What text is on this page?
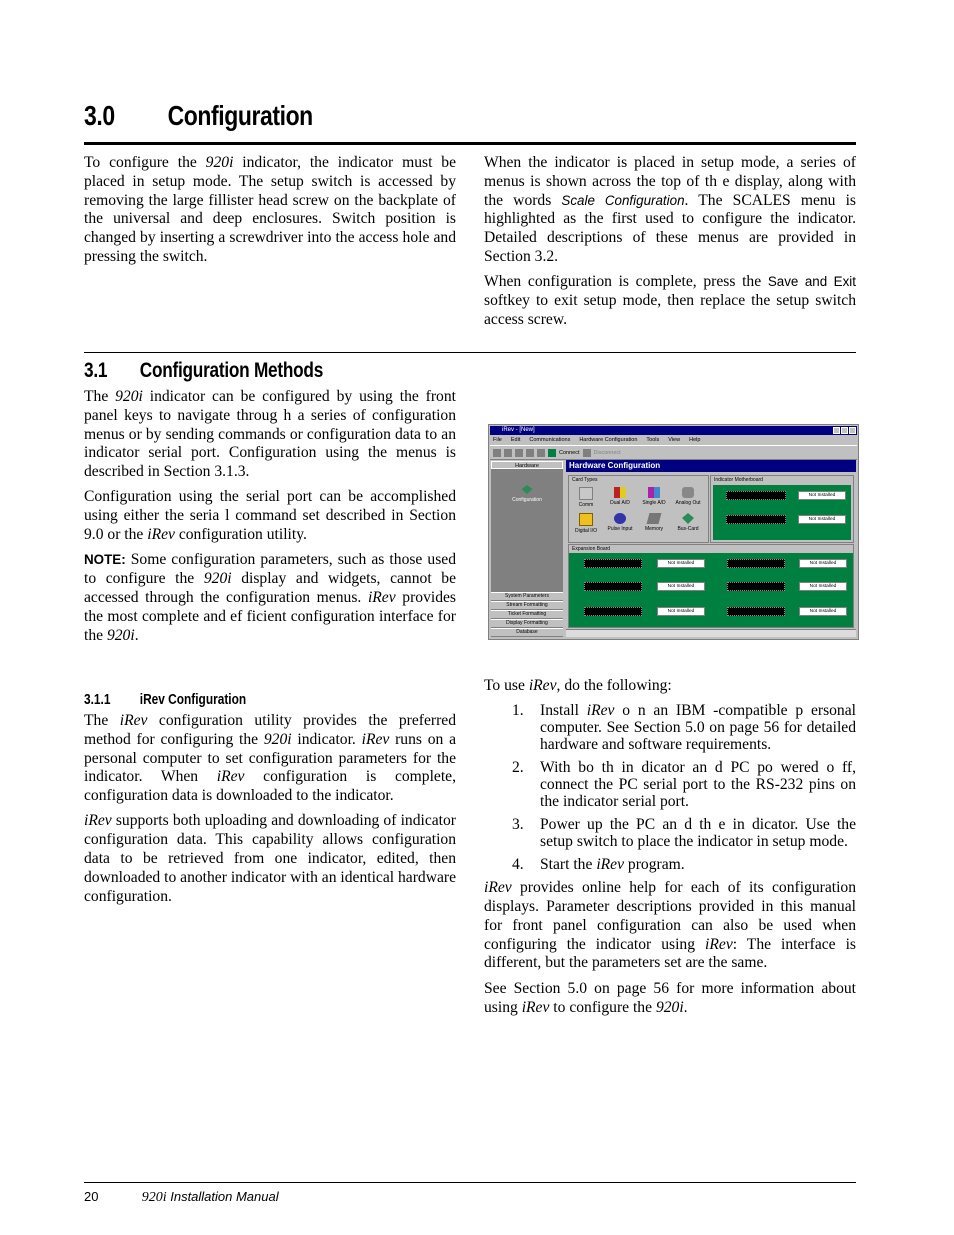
3.0 Configuration

To configure the 920i indicator, the indicator must be placed in setup mode. The setup switch is accessed by removing the large fillister head screw on the backplate of the universal and deep enclosures. Switch position is changed by inserting a screwdriver into the access hole and pressing the switch.

When the indicator is placed in setup mode, a series of menus is shown across the top of th e display, along with the words Scale Configuration. The SCALES menu is highlighted as the first used to configure the indicator. Detailed descriptions of these menus are provided in Section 3.2.

When configuration is complete, press the Save and Exit softkey to exit setup mode, then replace the setup switch access screw.

3.1 Configuration Methods

The 920i indicator can be configured by using the front panel keys to navigate throug h a series of configuration menus or by sending commands or configuration data to an indicator serial port. Configuration using the menus is described in Section 3.1.3.

Configuration using the serial port can be accomplished using either the seria l command set described in Section 9.0 or the iRev configuration utility.

NOTE: Some configuration parameters, such as those used to configure the 920i display and widgets, cannot be accessed through the configuration menus. iRev provides the most complete and ef ficient configuration interface for the 920i.

3.1.1 iRev Configuration

The iRev configuration utility provides the preferred method for configuring the 920i indicator. iRev runs on a personal computer to set configuration parameters for the indicator. When iRev configuration is complete, configuration data is downloaded to the indicator.

iRev supports both uploading and downloading of indicator configuration data. This capability allows configuration data to be retrieved from one indicator, edited, then downloaded to another indicator with an identical hardware configuration.

iRev - [New]
File Edit Communications Hardware Configuration Tools View Help
Connect	Disconnect
Hardware
Configuration
System Parameters
Stream Formatting
Ticket Formatting
Display Formatting
Database
Hardware Configuration
Card Types
Comm	Dual A/D	Single A/D	Analog Out
Digital I/O	Pulse Input	Memory	Bus-Card
Indicator Motherboard
Not Installed
Not Installed
Expansion Board
Not Installed	Not Installed
Not Installed	Not Installed
Not Installed	Not Installed

To use iRev, do the following:

1.	Install iRev o n an IBM -compatible p ersonal computer. See Section 5.0 on page 56 for detailed hardware and software requirements.
2.	With bo th in dicator an d PC po wered o ff, connect the PC serial port to the RS-232 pins on the indicator serial port.
3.	Power up the PC an d th e in dicator. Use the setup switch to place the indicator in setup mode.
4.	Start the iRev program.

iRev provides online help for each of its configuration displays. Parameter descriptions provided in this manual for front panel configuration can also be used when configuring the indicator using iRev: The interface is different, but the parameters set are the same.

See Section 5.0 on page 56 for more information about using iRev to configure the 920i.

20	920i Installation Manual
